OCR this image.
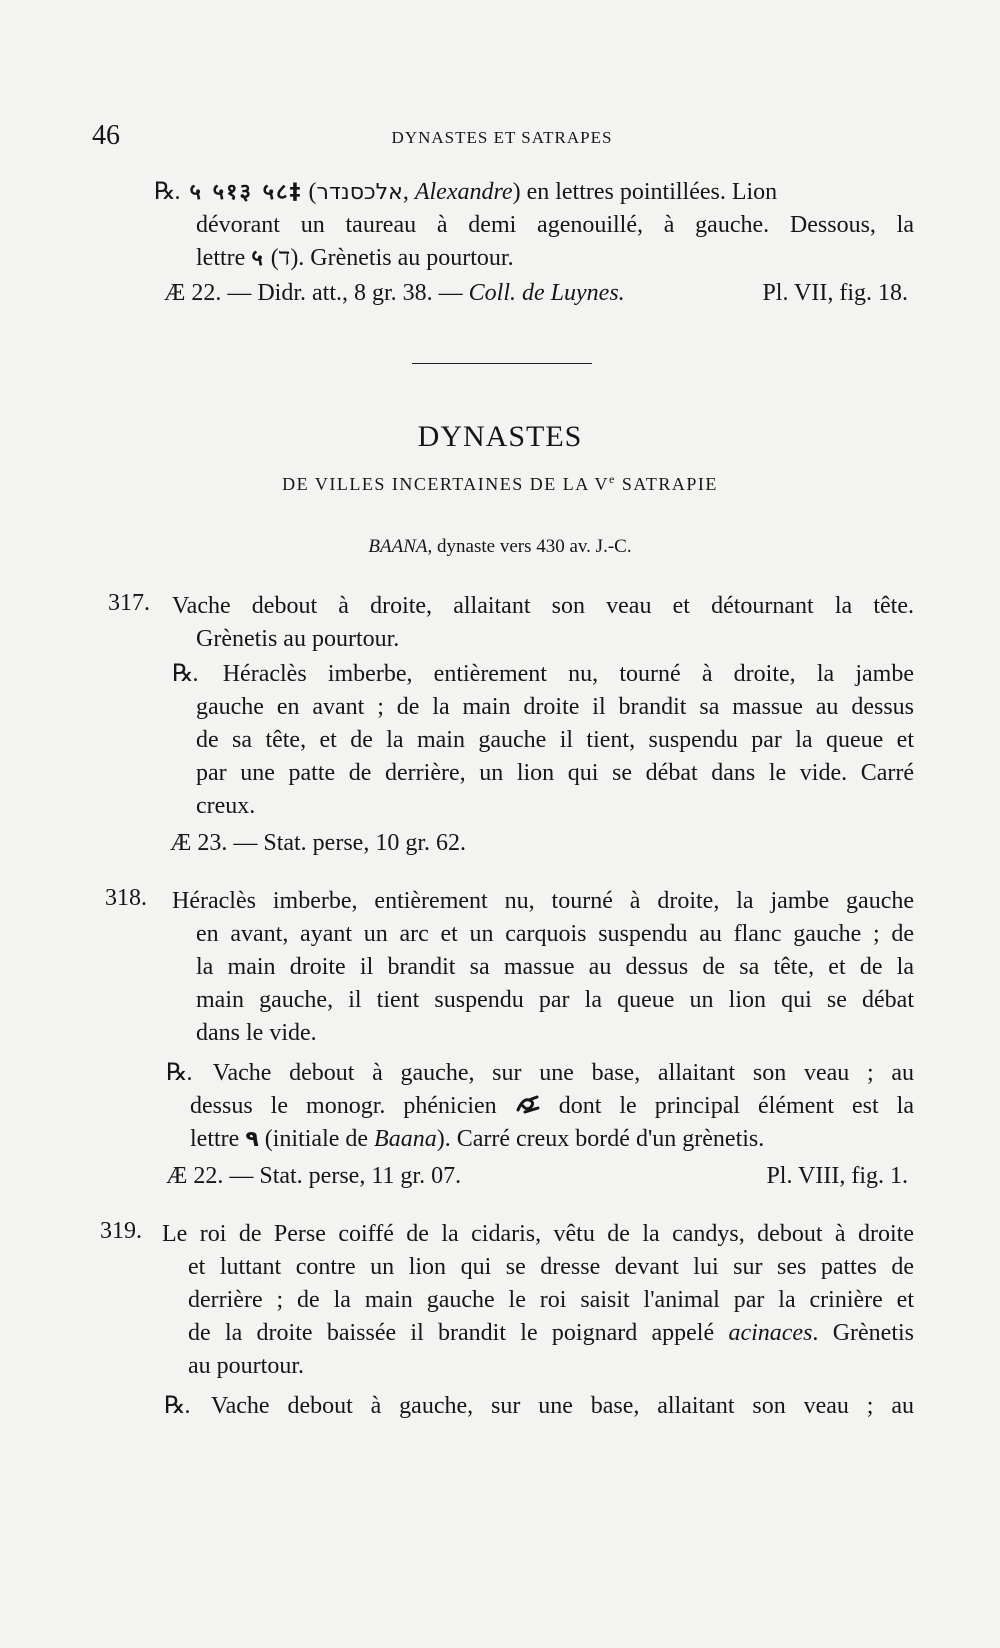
46	DYNASTES ET SATRAPES
℞. ५ ५१३ ५८‡ (אלכסנדר, Alexandre) en lettres pointillées. Lion
dévorant un taureau à demi agenouillé, à gauche. Dessous, la
lettre ५ (ד). Grènetis au pourtour.
Æ 22. — Didr. att., 8 gr. 38. — Coll. de Luynes.	Pl. VII, fig. 18.
DYNASTES
DE VILLES INCERTAINES DE LA Ve SATRAPIE
BAANA, dynaste vers 430 av. J.-C.
317. Vache debout à droite, allaitant son veau et détournant la tête.
Grènetis au pourtour.
℞. Héraclès imberbe, entièrement nu, tourné à droite, la jambe
gauche en avant ; de la main droite il brandit sa massue au dessus
de sa tête, et de la main gauche il tient, suspendu par la queue et
par une patte de derrière, un lion qui se débat dans le vide. Carré
creux.
Æ 23. — Stat. perse, 10 gr. 62.
318. Héraclès imberbe, entièrement nu, tourné à droite, la jambe gauche
en avant, ayant un arc et un carquois suspendu au flanc gauche ; de
la main droite il brandit sa massue au dessus de sa tête, et de la
main gauche, il tient suspendu par la queue un lion qui se débat
dans le vide.
℞. Vache debout à gauche, sur une base, allaitant son veau ; au
dessus le monogr. phénicien	dont le principal élément est la
lettre ٩ (initiale de Baana). Carré creux bordé d'un grènetis.
Æ 22. — Stat. perse, 11 gr. 07.	Pl. VIII, fig. 1.
319. Le roi de Perse coiffé de la cidaris, vêtu de la candys, debout à droite
et luttant contre un lion qui se dresse devant lui sur ses pattes de
derrière ; de la main gauche le roi saisit l'animal par la crinière et
de la droite baissée il brandit le poignard appelé acinaces. Grènetis
au pourtour.
℞. Vache debout à gauche, sur une base, allaitant son veau ; au
